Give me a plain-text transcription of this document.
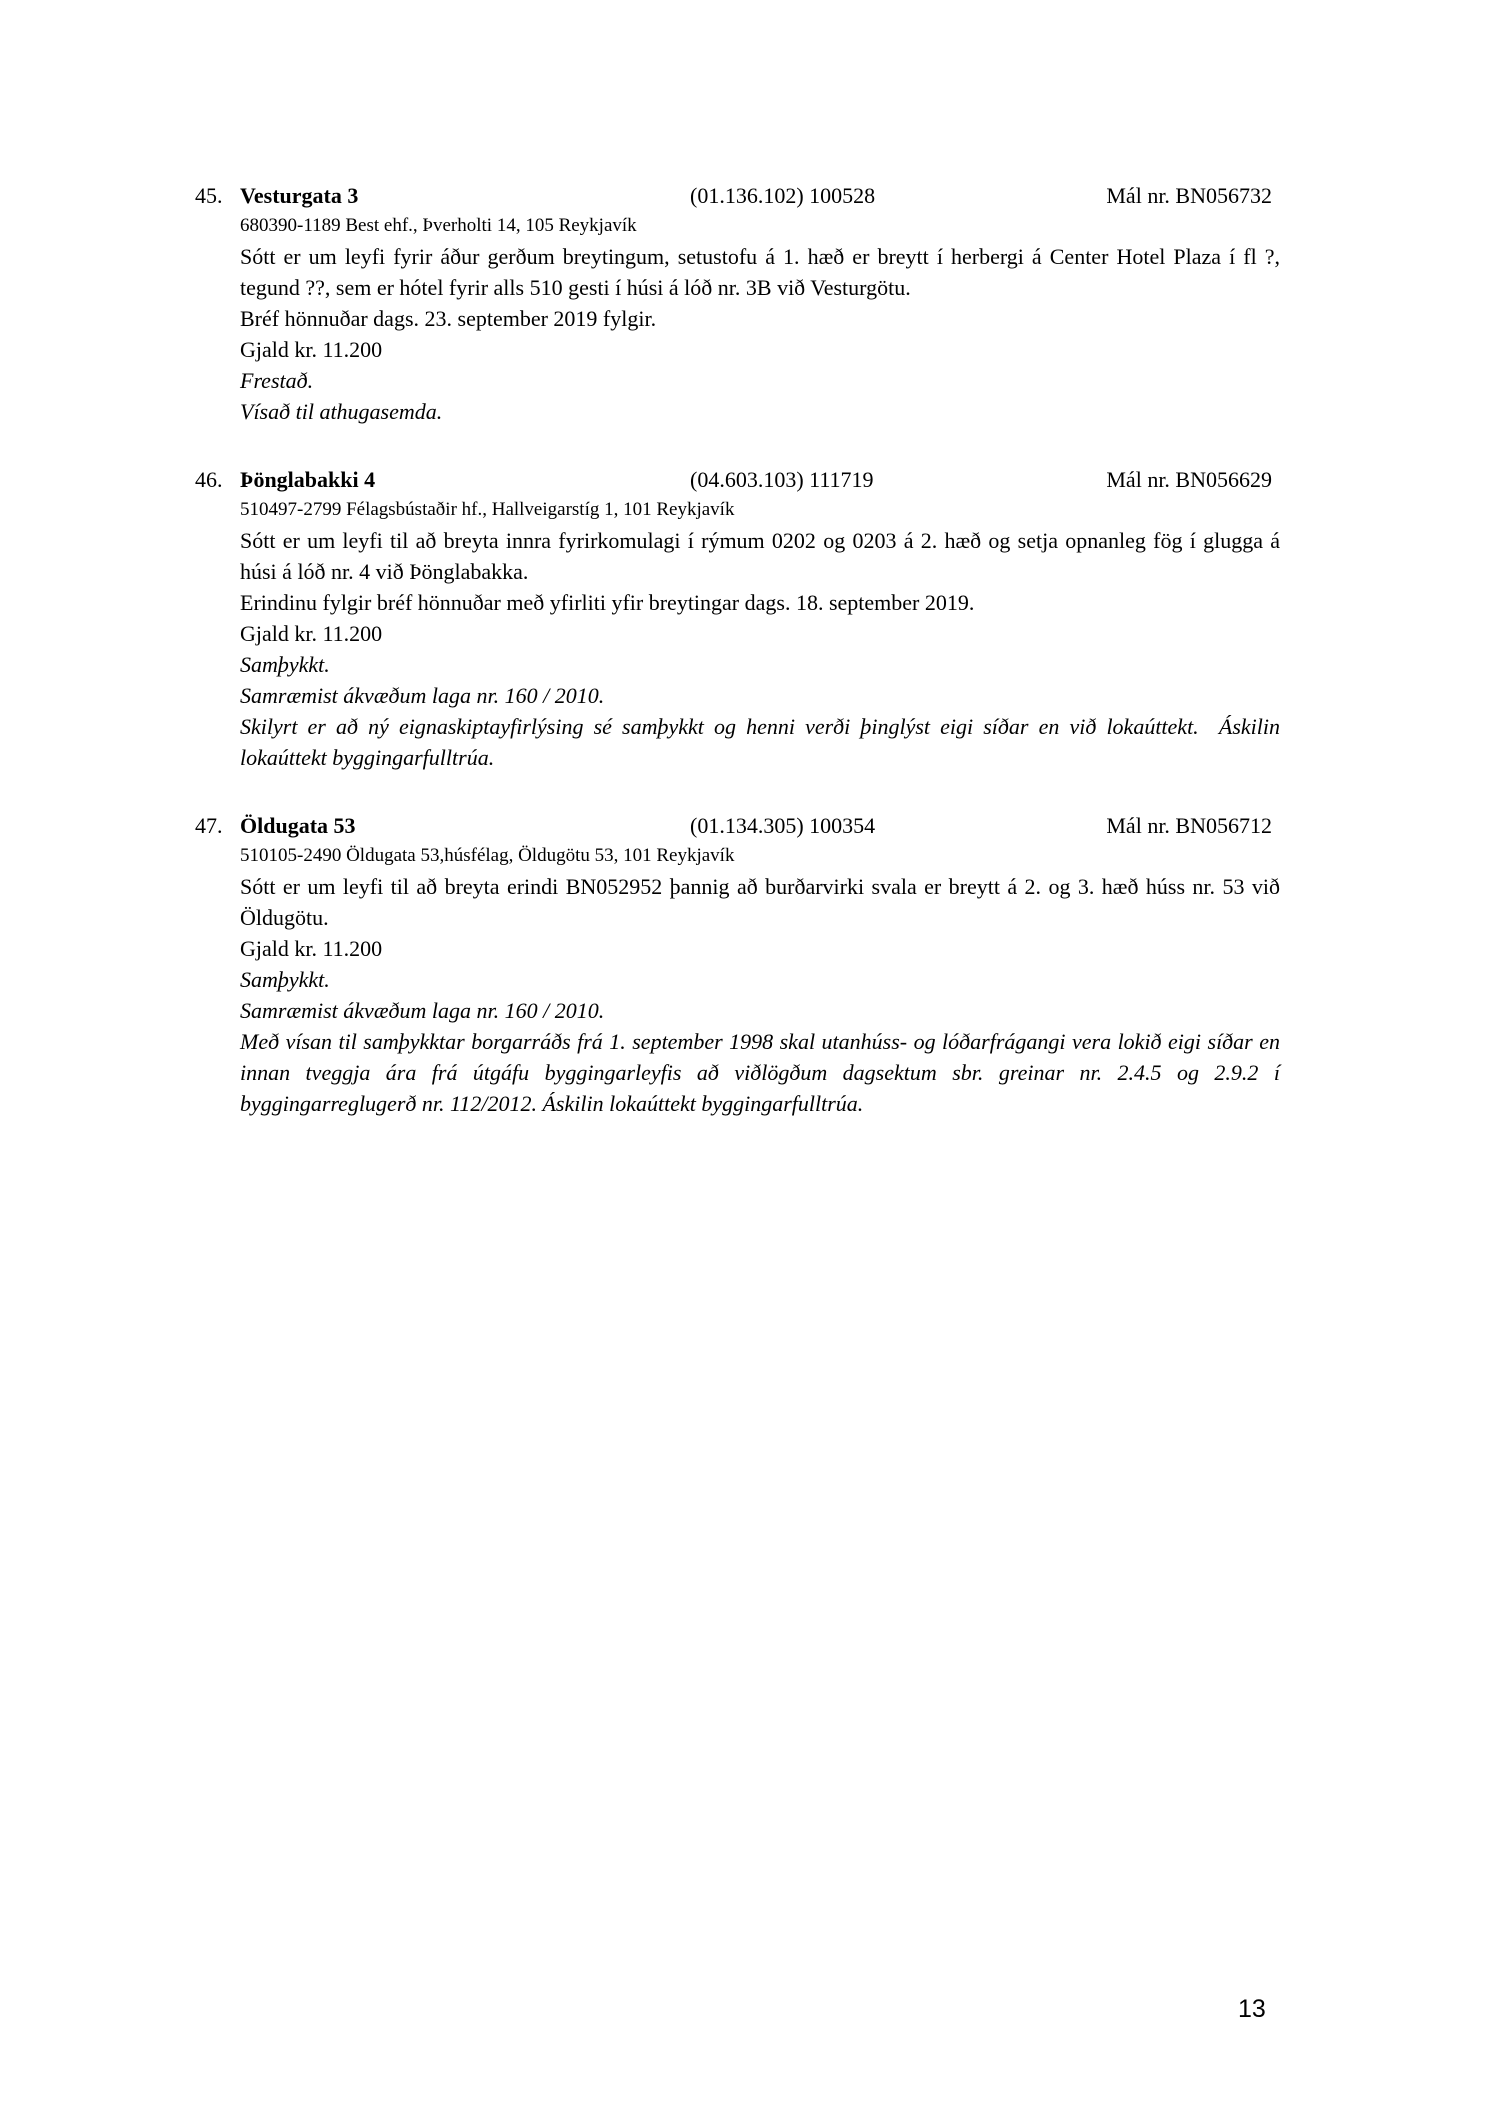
45. Vesturgata 3	(01.136.102) 100528	Mál nr. BN056732
680390-1189 Best ehf., Þverholti 14, 105 Reykjavík

Sótt er um leyfi fyrir áður gerðum breytingum, setustofu á 1. hæð er breytt í herbergi á Center Hotel Plaza í fl ?, tegund ??, sem er hótel fyrir alls 510 gesti í húsi á lóð nr. 3B við Vesturgötu.

Bréf hönnuðar dags. 23. september 2019 fylgir.

Gjald kr. 11.200

Frestað.

Vísað til athugasemda.

46. Þönglabakki 4	(04.603.103) 111719	Mál nr. BN056629
510497-2799 Félagsbústaðir hf., Hallveigarstíg 1, 101 Reykjavík

Sótt er um leyfi til að breyta innra fyrirkomulagi í rýmum 0202 og 0203 á 2. hæð og setja opnanleg fög í glugga á húsi á lóð nr. 4 við Þönglabakka.

Erindinu fylgir bréf hönnuðar með yfirliti yfir breytingar dags. 18. september 2019.

Gjald kr. 11.200

Samþykkt.

Samræmist ákvæðum laga nr. 160 / 2010.

Skilyrt er að ný eignaskiptayfirlýsing sé samþykkt og henni verði þinglýst eigi síðar en við lokaúttekt.  Áskilin lokaúttekt byggingarfulltrúa.

47. Öldugata 53	(01.134.305) 100354	Mál nr. BN056712
510105-2490 Öldugata 53,húsfélag, Öldugötu 53, 101 Reykjavík

Sótt er um leyfi til að breyta erindi BN052952 þannig að burðarvirki svala er breytt á 2. og 3. hæð húss nr. 53 við Öldugötu.

Gjald kr. 11.200

Samþykkt.

Samræmist ákvæðum laga nr. 160 / 2010.

Með vísan til samþykktar borgarráðs frá 1. september 1998 skal utanhúss- og lóðarfrágangi vera lokið eigi síðar en innan tveggja ára frá útgáfu byggingarleyfis að viðlögðum dagsektum sbr. greinar nr. 2.4.5 og 2.9.2 í byggingarreglugerð nr. 112/2012. Áskilin lokaúttekt byggingarfulltrúa.

13
